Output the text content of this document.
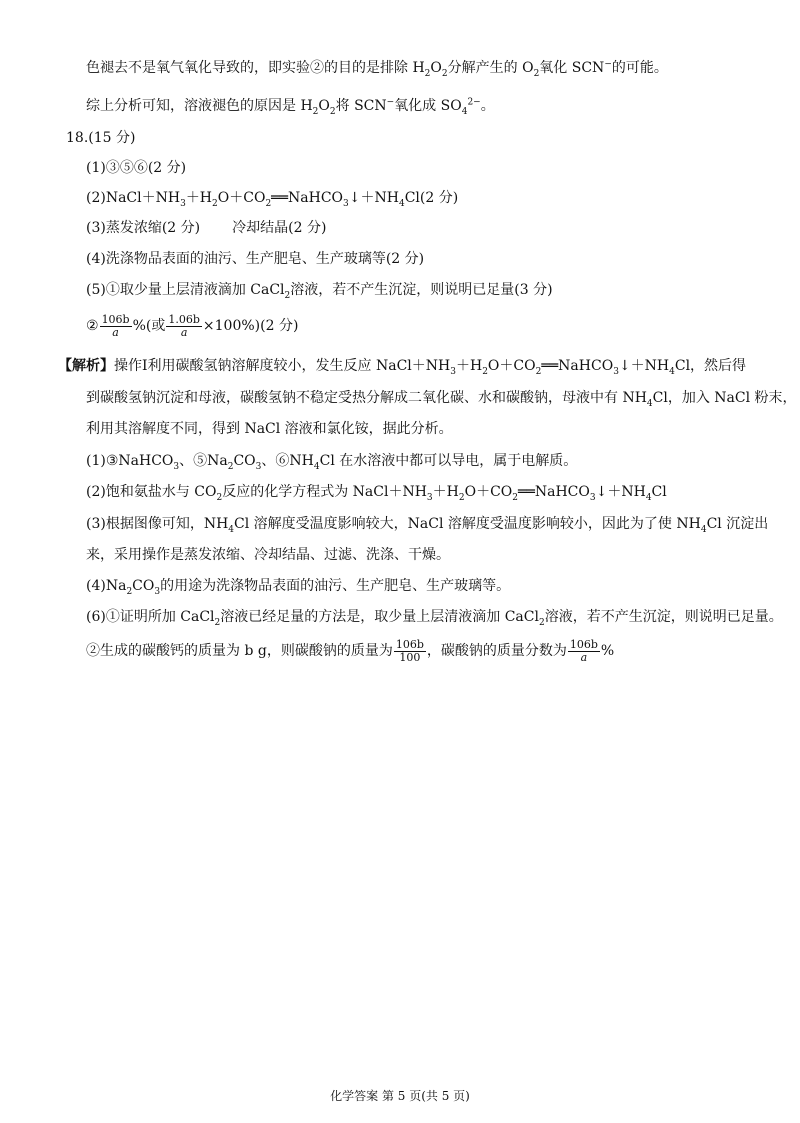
色褪去不是氧气氧化导致的，即实验②的目的是排除 $H_2O_2$分解产生的 $O_2$氧化 SCN−的可能。
综上分析可知，溶液褪色的原因是 $H_2O_2$将 SCN−氧化成 $SO_4^{2-}$。
18.(15 分)
(1)③⑤⑥(2 分)
$(2)NaCl+NH_3+H_2O+CO_2══NaHCO_3↓+NH_4Cl(2$ 分)
(3)蒸发浓缩(2 分) 冷却结晶(2 分)
(4)洗涤物品表面的油污、生产肥皂、生产玻璃等(2 分)
(5)①取少量上层清液滴加 CaCl$_2$溶液，若不产生沉淀，则说明已足量(3 分)
② $\frac{106b}{a}$ %(或 $\frac{1.06b}{a} \times 100\%)(2$ 分)
【解析】操作Ⅰ利用碳酸氢钠溶解度较小，发生反应 $NaCl+NH_3+H_2O+CO_2══NaHCO_3↓+NH_4Cl$，然后得
到碳酸氢钠沉淀和母液，碳酸氢钠不稳定受热分解成二氧化碳、水和碳酸钠，母液中有 $NH_4Cl$，加入 NaCl 粉末，
利用其溶解度不同，得到 NaCl 溶液和氯化铵，据此分析。
(1)③NaHCO$_3$、$⑤Na_2CO_3$、$⑥NH_4Cl$ 在水溶液中都可以导电，属于电解质。
(2)饱和氨盐水与 $CO_2$反应的化学方程式为 $NaCl+NH_3+H_2O+CO_2══NaHCO_3↓+NH_4Cl$
(3)根据图像可知，$NH_4Cl$ 溶解度受温度影响较大，NaCl 溶解度受温度影响较小，因此为了使 $NH_4Cl$ 沉淀出
来，采用操作是蒸发浓缩、冷却结晶、过滤、洗涤、干燥。
$(4)Na_2CO_3$的用途为洗涤物品表面的油污、生产肥皂、生产玻璃等。
(6)①证明所加 CaCl$_2$溶液已经足量的方法是，取少量上层清液滴加 CaCl$_2$溶液，若不产生沉淀，则说明已足量。
②生成的碳酸钙的质量为 b g，则碳酸钠的质量为 $\frac{106b}{100}$ ，碳酸钠的质量分数为 $\frac{106b}{a}$ %
化学答案 第 5 页(共 5 页)
